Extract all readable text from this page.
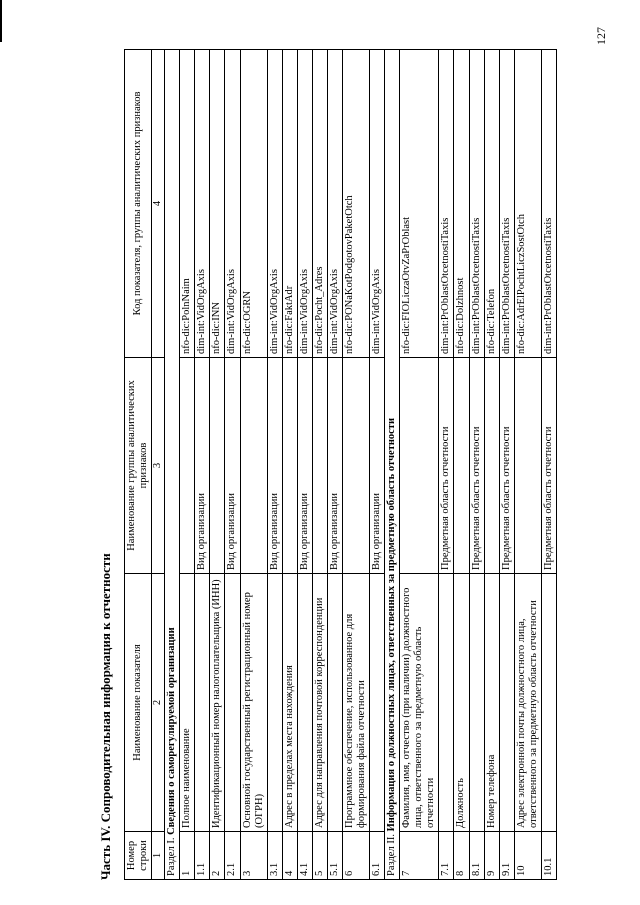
127
Часть IV. Сопроводительная информация к отчетности Номер строки	Наименование показателя	Наименование группы аналитических признаков	Код показателя, группы аналитических признаков
1	2	3	4
Раздел I. Сведения о саморегулируемой организации			
1	Полное наименование		nfo-dic:PolnNaim
1.1		Вид организации	dim-int:VidOrgAxis
2	Идентификационный номер налогоплательщика (ИНН)		nfo-dic:INN
2.1		Вид организации	dim-int:VidOrgAxis
3	Основной государственный регистрационный номер (ОГРН)		nfo-dic:OGRN
3.1		Вид организации	dim-int:VidOrgAxis
4	Адрес в пределах места нахождения		nfo-dic:FaktAdr
4.1		Вид организации	dim-int:VidOrgAxis
5	Адрес для направления почтовой корреспонденции		nfo-dic:Pocht_Adres
5.1		Вид организации	dim-int:VidOrgAxis
6	Программное обеспечение, использованное для формирования файла отчетности		nfo-dic:PONaKotPodgotovPaketOtch
6.1		Вид организации	dim-int:VidOrgAxis
Раздел II. Информация о должностных лицах, ответственных за предметную область отчетности			
7	Фамилия, имя, отчество (при наличии) должностного лица, ответственного за предметную область отчетности		nfo-dic:FIOLiczaOtvZaPrOblast
7.1		Предметная область отчетности	dim-int:PrOblastOtcetnostiTaxis
8	Должность		nfo-dic:Dolzhnost
8.1		Предметная область отчетности	dim-int:PrOblastOtcetnostiTaxis
9	Номер телефона		nfo-dic:Telefon
9.1		Предметная область отчетности	dim-int:PrOblastOtcetnostiTaxis
10	Адрес электронной почты должностного лица, ответственного за предметную область отчетности		nfo-dic:AdrElPochtLiczSostOtch
10.1		Предметная область отчетности	dim-int:PrOblastOtcetnostiTaxis
